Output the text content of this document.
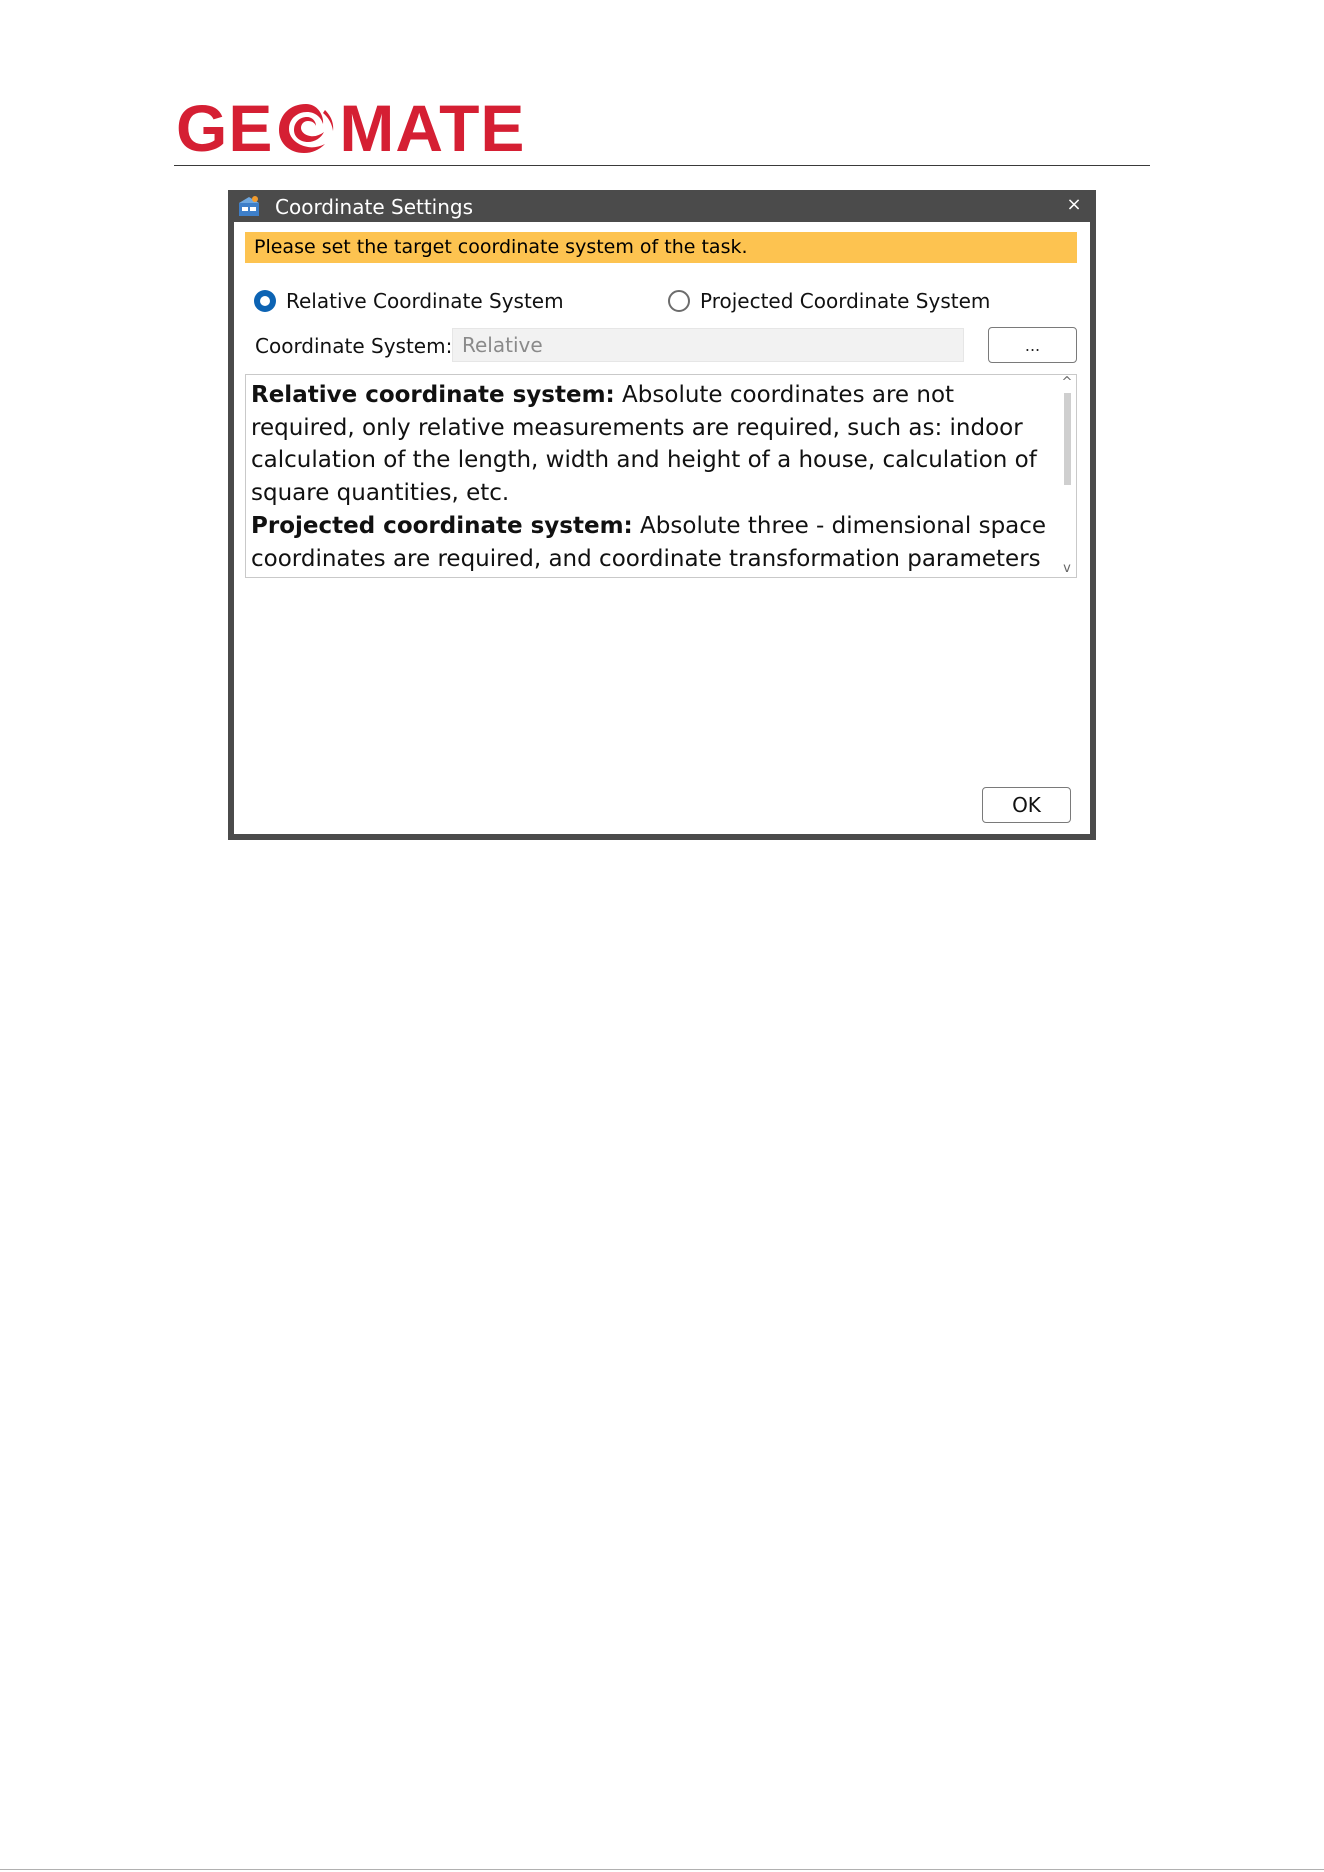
GE MATE
Coordinate Settings	×
Please set the target coordinate system of the task.
Relative Coordinate System	Projected Coordinate System
Coordinate System: Relative	...
Relative coordinate system: Absolute coordinates are not required, only relative measurements are required, such as: indoor calculation of the length, width and height of a house, calculation of square quantities, etc.
Projected coordinate system: Absolute three - dimensional space coordinates are required, and coordinate transformation parameters
^
v
OK
